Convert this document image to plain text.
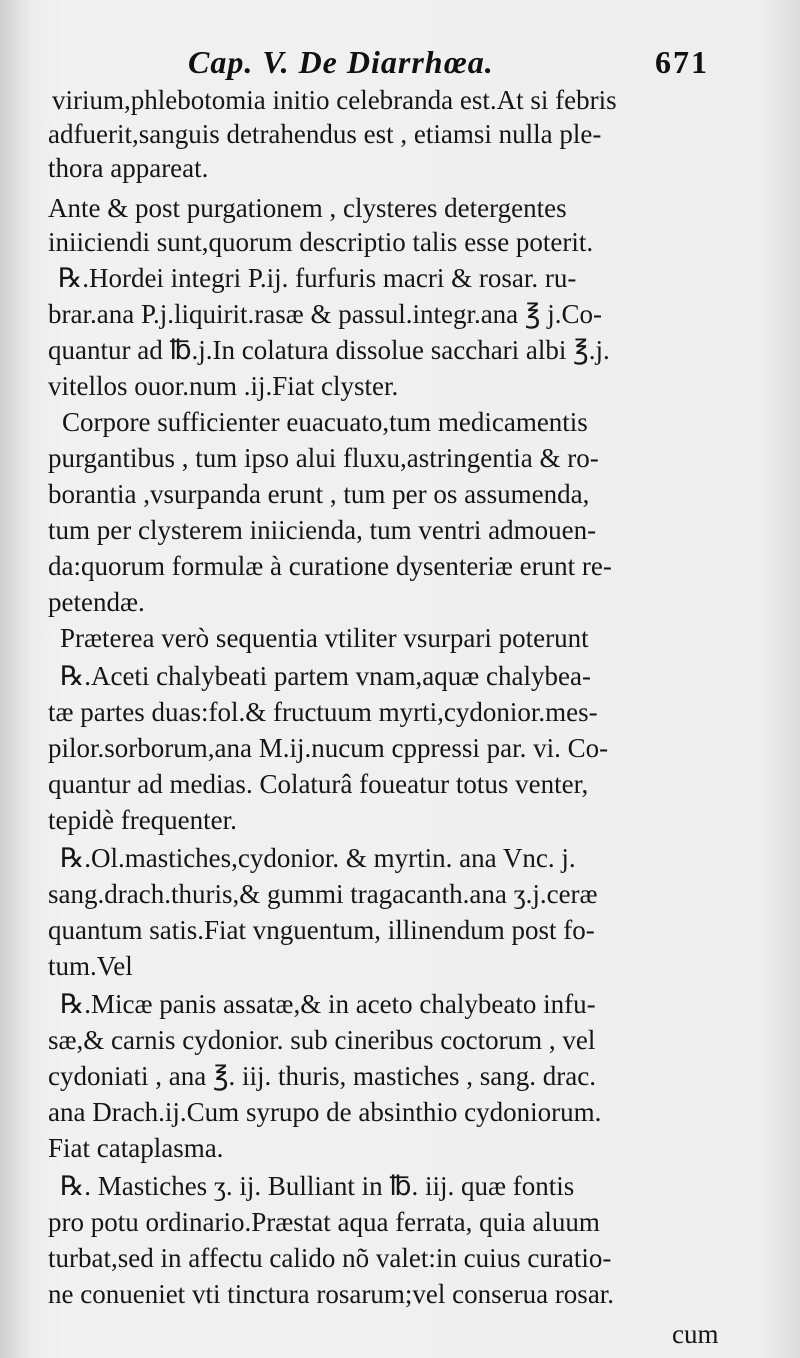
Cap. V. De Diarrhœa.	671
virium,phlebotomia initio celebranda est.At si febris
adfuerit,sanguis detrahendus est , etiamsi nulla ple-
thora appareat.
Ante & post purgationem , clysteres detergentes
iniiciendi sunt,quorum descriptio talis esse poterit.
℞.Hordei integri P.ij. furfuris macri & rosar. ru-
brar.ana P.j.liquirit.rasæ & passul.integr.ana ℥ j.Co-
quantur ad ℔.j.In colatura dissolue sacchari albi ℥.j.
vitellos ouor.num .ij.Fiat clyster.
Corpore sufficienter euacuato,tum medicamentis
purgantibus , tum ipso alui fluxu,astringentia & ro-
borantia ,vsurpanda erunt , tum per os assumenda,
tum per clysterem iniicienda, tum ventri admouen-
da:quorum formulæ à curatione dysenteriæ erunt re-
petendæ.
Præterea verò sequentia vtiliter vsurpari poterunt
℞.Aceti chalybeati partem vnam,aquæ chalybea-
tæ partes duas:fol.& fructuum myrti,cydonior.mes-
pilor.sorborum,ana M.ij.nucum cppressi par. vi. Co-
quantur ad medias. Colaturâ foueatur totus venter,
tepidè frequenter.
℞.Ol.mastiches,cydonior. & myrtin. ana Vnc. j.
sang.drach.thuris,& gummi tragacanth.ana ʒ.j.ceræ
quantum satis.Fiat vnguentum, illinendum post fo-
tum.Vel
℞.Micæ panis assatæ,& in aceto chalybeato infu-
sæ,& carnis cydonior. sub cineribus coctorum , vel
cydoniati , ana ℥. iij. thuris, mastiches , sang. drac.
ana Drach.ij.Cum syrupo de absinthio cydoniorum.
Fiat cataplasma.
℞. Mastiches ʒ. ij. Bulliant in ℔. iij. quæ fontis
pro potu ordinario.Præstat aqua ferrata, quia aluum
turbat,sed in affectu calido nõ valet:in cuius curatio-
ne conueniet vti tinctura rosarum;vel conserua rosar.
cum
